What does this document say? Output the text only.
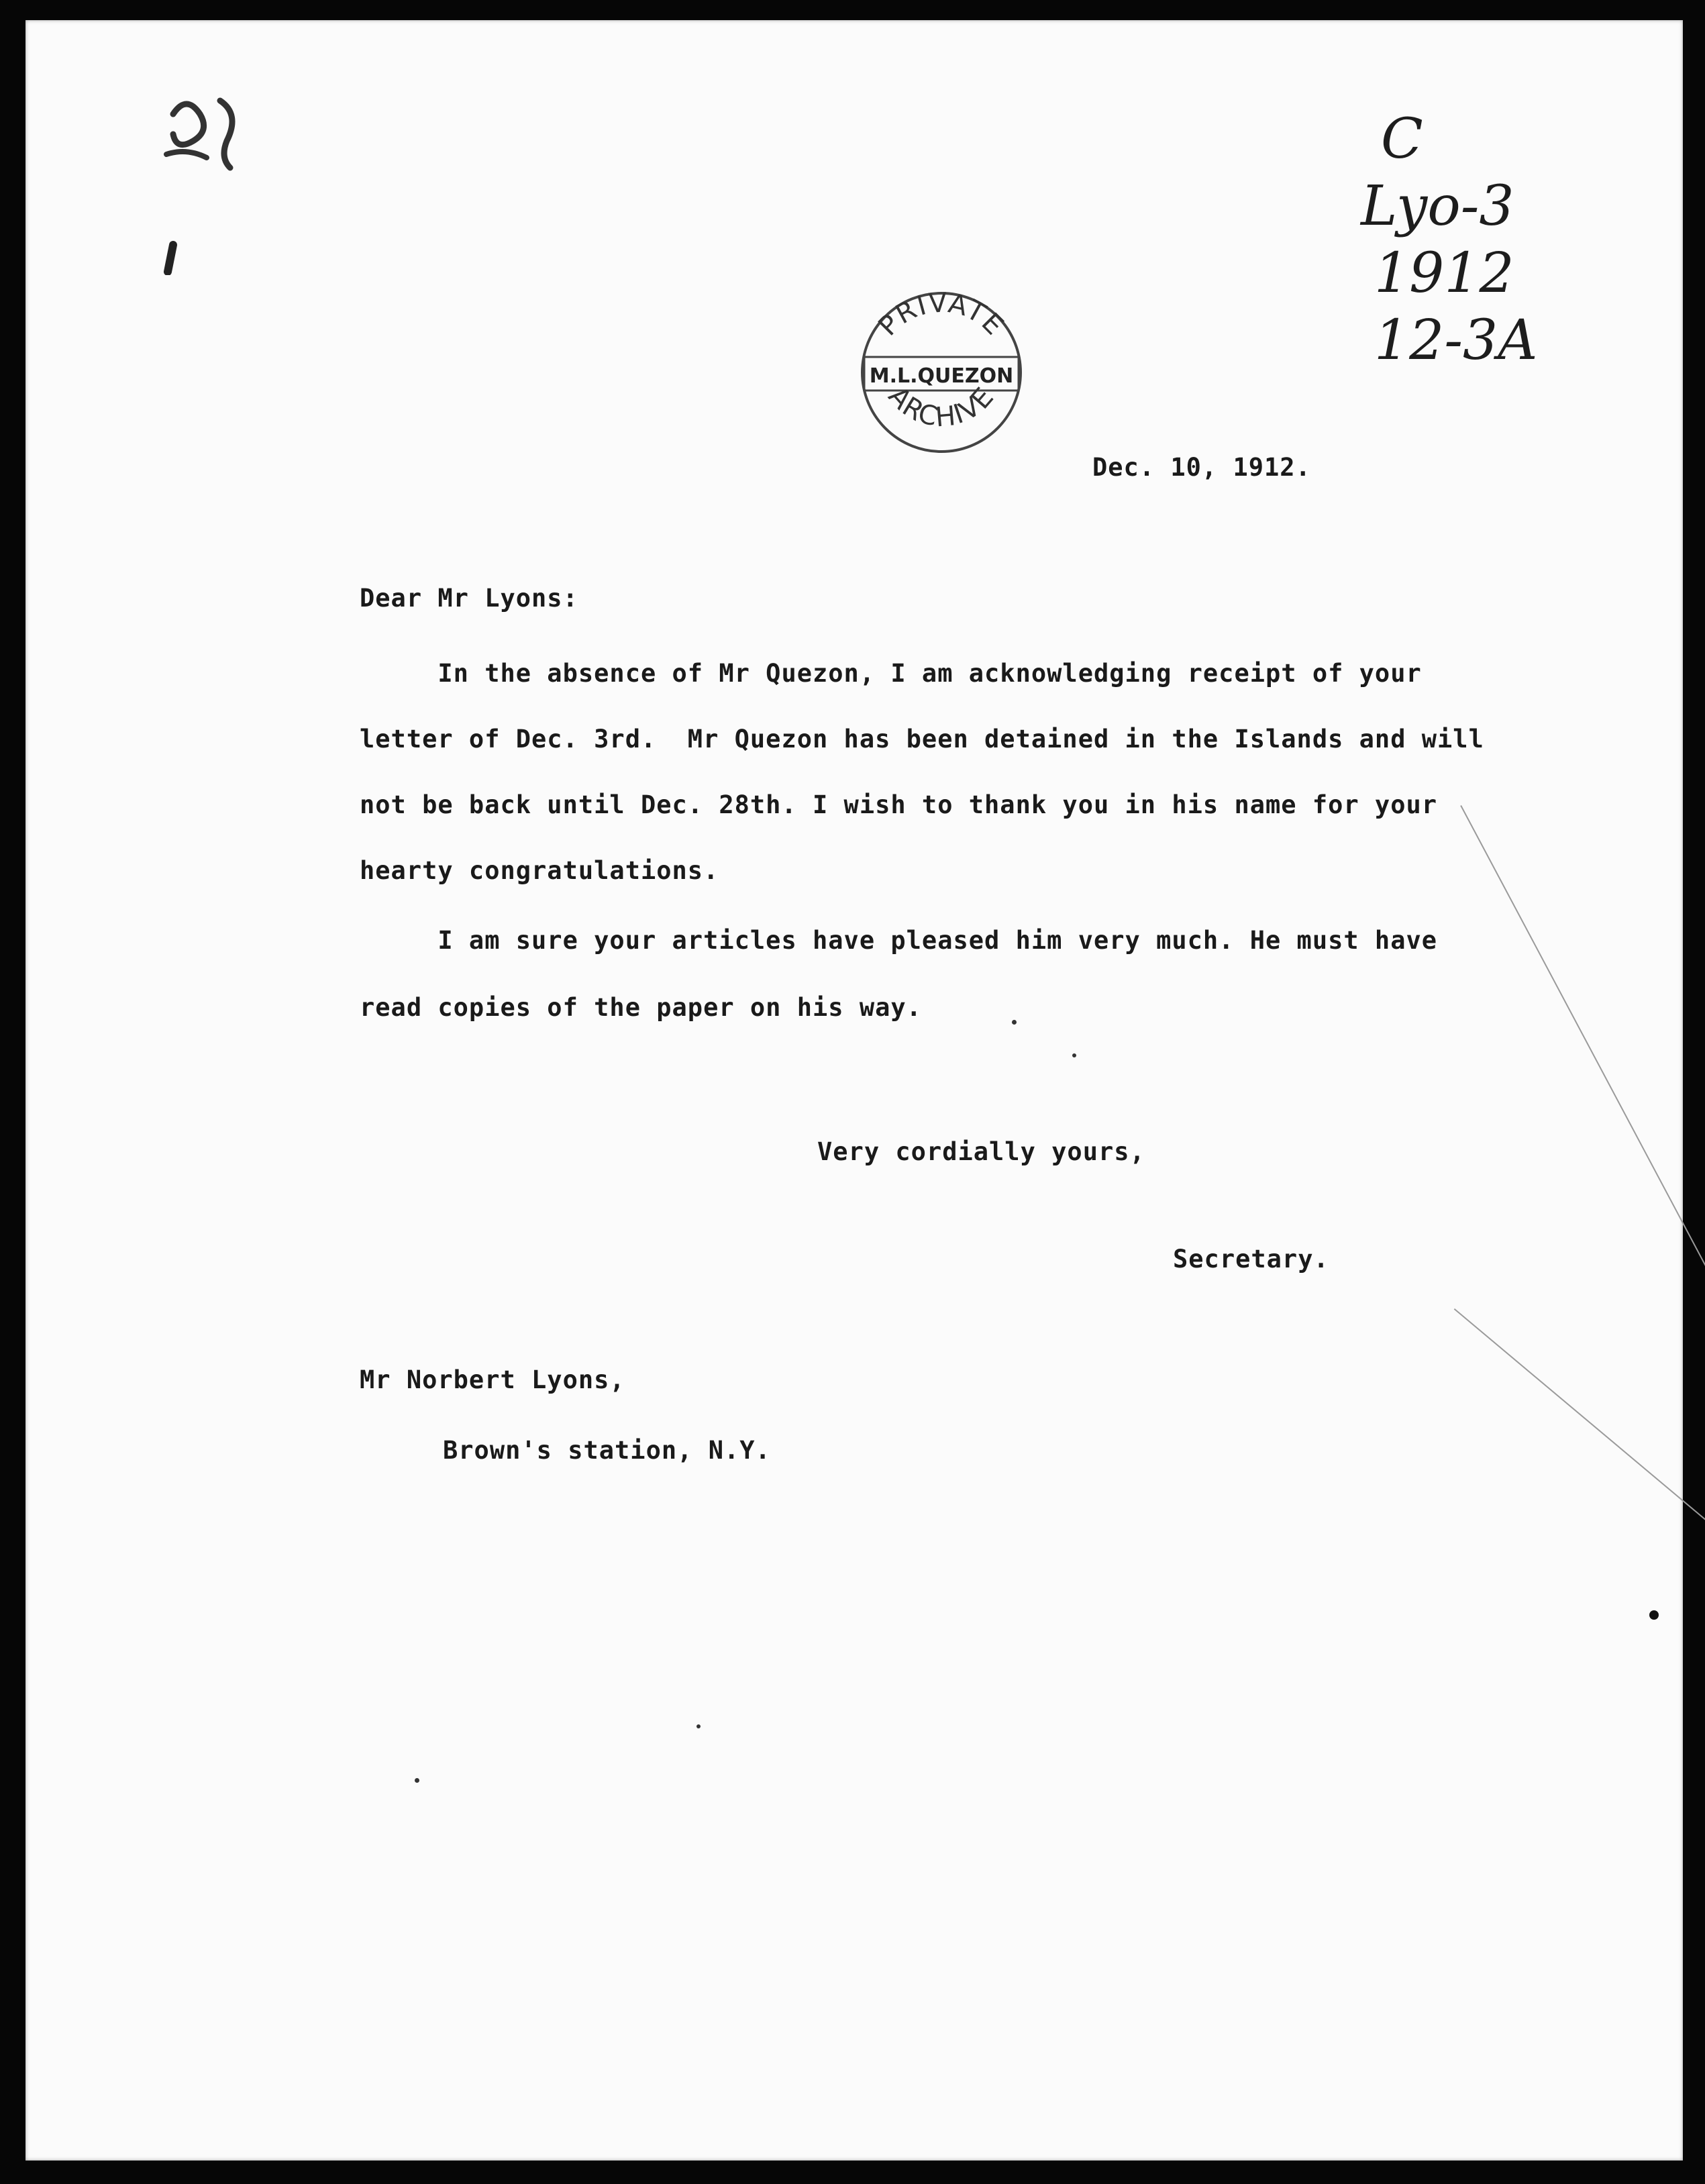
C
Lyo-3
1912
12-3A
PRIVATE
M.L.QUEZON
ARCHIVE
Dec. 10, 1912.
Dear Mr Lyons:
In the absence of Mr Quezon, I am acknowledging receipt of your
letter of Dec. 3rd.  Mr Quezon has been detained in the Islands and will
not be back until Dec. 28th. I wish to thank you in his name for your
hearty congratulations.
I am sure your articles have pleased him very much. He must have
read copies of the paper on his way.
Very cordially yours,
Secretary.
Mr Norbert Lyons,
Brown's station, N.Y.
